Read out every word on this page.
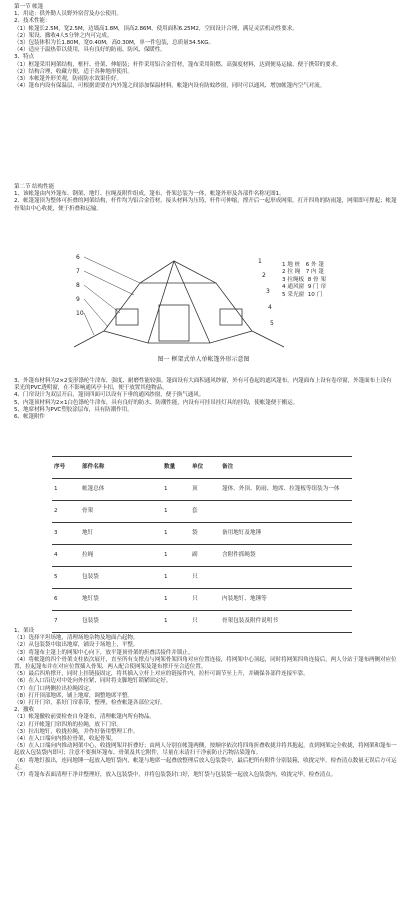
第一节 帐篷

1、用途：供外勤人员野外宿营及办公使用。

2、技术性能：

（1）帐篷长2.5M，宽2.5M，边墙高1.8M，顶高2.86M，使用面积6.25M2，空间设计合理，满足灵活机动性要求。

（2）架设、撤收4人5分钟之内可完成。

（3）包装体积为长1.80M，宽0.40M，高0.30M，单一件包装，总质量34.5KG。

（4）适应于温热带以使用，具有良好的防雨、防风、保暖性。

3、特点

（1）框篷采用网架结构，框杆、骨架、伸缩装；杆件采用铝合金管材，篷布采用阻燃、高强度材料，达到便易运输、便于携带的要求。

（2）结构合理，收藏方便，适于各种地形使用。

（3）本帐篷外形美观，防雨防水效果佳好。

（4）篷布内设有保温层，可根据需要在内外篷之间添加保温材料，帐篷内设有防蚊纱窗，同时可以通风、增加帐篷内空气对流。

第二节 结构性能

1、该帐篷由内外篷布、钢架、地钉、拉绳及附件组成，篷布、骨架总装为一体，帐篷外形及各部件名称见图1。

2、帐篷篷顶为整体可折叠的网架结构，杆件均为铝合金管材，接头材料为压铸，杆件可伸缩，撑开后一起形成网架，打开四角的防雨篷，网架即可撑起；帐篷骨架由中心收拢，便于折叠和运输。

6
7
8
9
10
1
2
3
4
5
1 地 桩 6 外 篷
2 拉 绳 7 内 篷
3 拉绳板 8 骨 架
4 通风窗 9 门 帘
5 采光窗 10 门
图一 框架式单人单帐篷外形示意图

3、外篷布材料为2×2变形涤纶牛津布，强度、耐磨性能较强。篷面设有大面积通风纱窗，外有可卷起的遮风篷布，内篷面布上设有卷帘窗，外篷面布上设有采光的PVC透明窗，在不影响通风亭卡扣，便于放置其他物品。

4、门帘设计为双层开启，篷顶四面可以设有下垂的通风纱窗，便于换气通风。

5、内篷顶材料为2×1白色涤纶牛津布，具有良好的防水、防潮性能，内设有可挂吊挂灯具的挂钩，使帐篷便于搬运。

5、地席材料为PVC塑胶涂层布，具有防潮作用。

6、帐篷附件

序号	部件名称	数量	单位	备注
1	帐篷总体	1	顶	篷体、外顶、防雨、地席、拉篷板等组装为一体
2	骨架	1	套	
3	地钉	1	袋	备用地钉及地锤
4	拉绳	1	副	含附件抓绳袋
5	包装袋	1	只	
6	地钉袋	1	只	内装地钉、地锤等
7	包装袋	1	只	骨架包装及附件说明书

1、架设

（1）选择平坦场地，清理场地杂物及地面凸起物。

（2）从包装袋中取出地席，铺设于场地上，平整。

（3）将篷布主篷上的网架中心向下，放平篷顶骨架的折叠活接件并锁止。

（4）将帐篷的四个骨架支柱依次展开，直至所有支撑点与网架骨架四角对应位置连接，将网架中心顶起，同时将网架四角连接后，两人分站于篷布两侧对应位置，拉起篷布并在对应位置插入骨架，两人配合使网架及篷布撑开至合适位置。

（5）最后四角撑开，同时上挂链接固定，将其插入立杆上对应的链接件内，拉杆可调节至上升，并确保各部件连接牢靠。

（6）在入口沿边对中处向外拉紧，同时将支脚地钉锁紧固定好。

（7）在门口两侧拉出拉绳固定。

（8）打开顶部地席，铺上地席，调整地席平整。

（9）打开门帘，系好门帘系带，整理，检查帐篷各部位完好。

2、撤收

（1）帐篷撤收前要检查自身篷布，清理帐篷内所有物品。

（2）打开帐篷门帘四角的拉绳，放下门帘。

（3）拉出地钉，收拢拉绳，并作好备用整理工作。

（4）在入口端向内推拉骨架，收起骨架。

（5）在入口端向内推动网架中心，收拢网架并折叠好；由两人分别在帐篷两侧，按顺序依次将四角折叠收拢并将其抱起，直到网架完全收拢，将网架和篷布一起放入包装袋内即可；注意不要损坏篷布、骨架及其它附件，尽量在未清扫干净前防止污物沾染篷布。

（6）将地钉拔出，连同地锤一起放入地钉袋内，帐篷与地席一起叠放整理后放入包装袋中，最后把所有附件分别装箱，收拢完毕，检查清点数量无误后方可运走。

（7）将篷布表面清理干净并整理好，放入包装袋中，并将包装袋封口好，地钉袋与包装袋一起放入包装袋内，收拢完毕，检查清点。
